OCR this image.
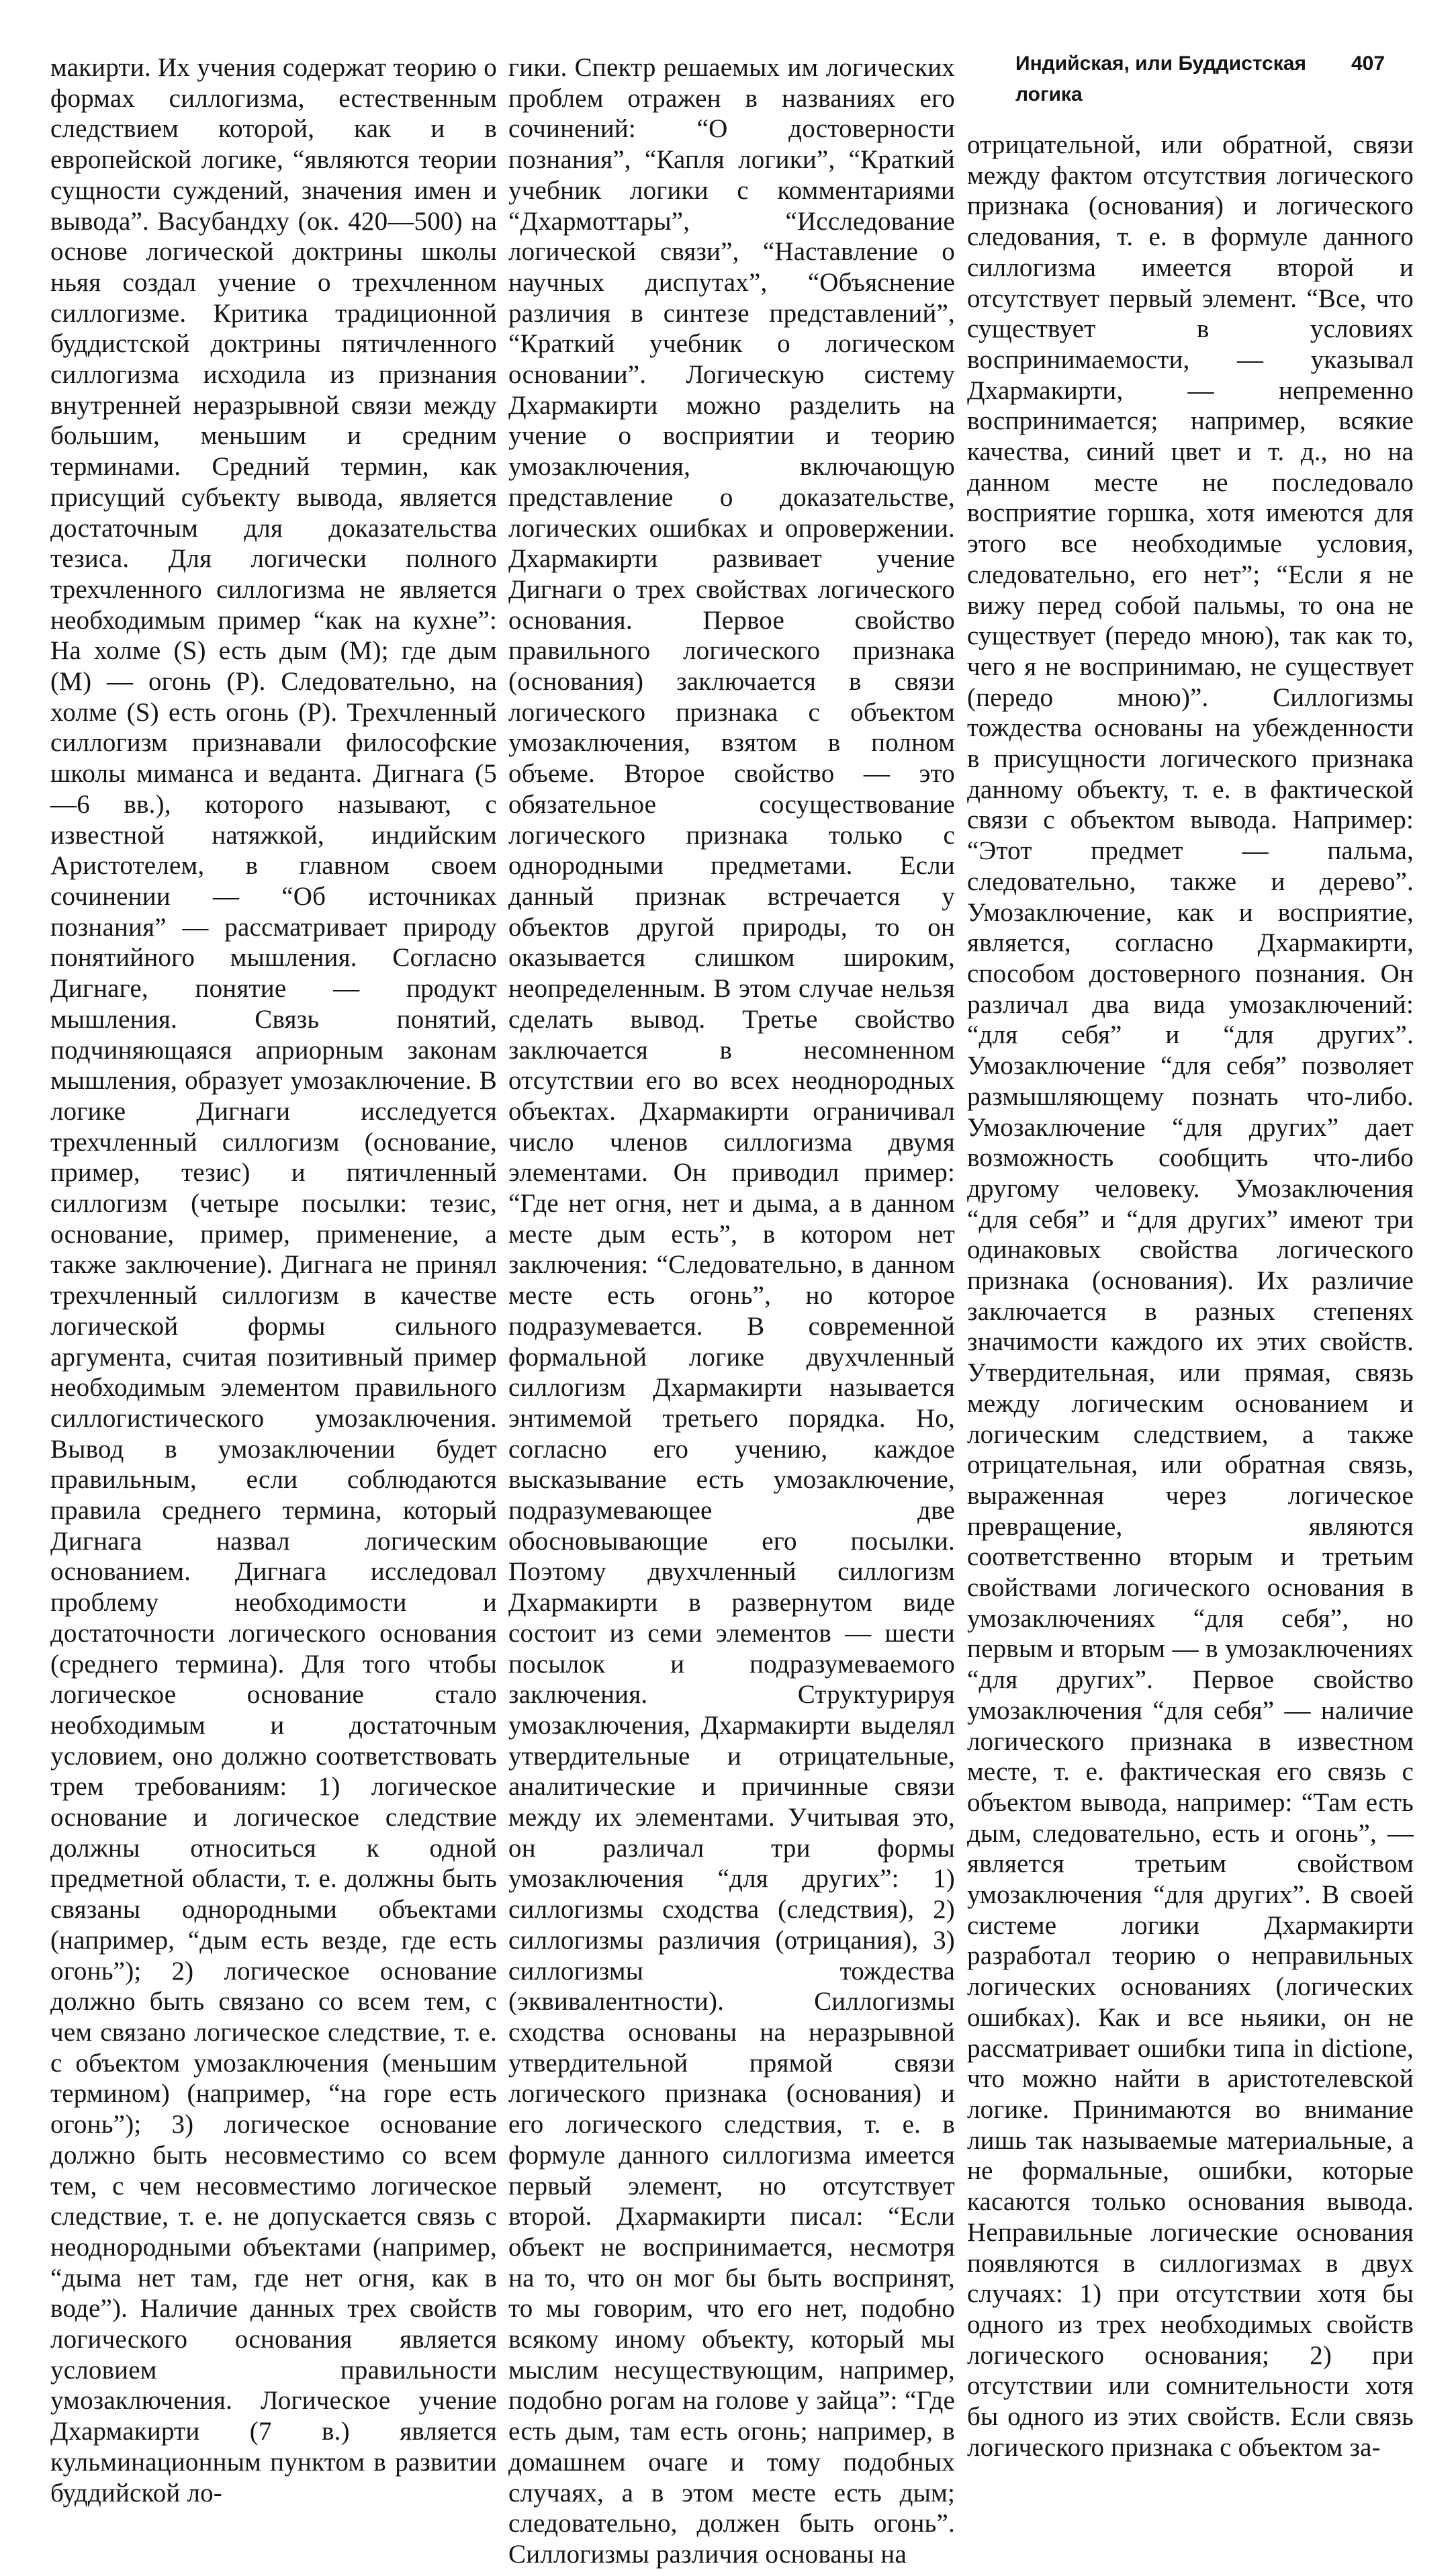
Индийская, или Буддистская логика
407

макирти. Их учения содержат теорию о формах силлогизма, естественным следствием которой, как и в европейской логике, “являются теории сущности суждений, значения имен и вывода”. Васубандху (ок. 420—500) на основе логической доктрины школы ньяя создал учение о трехчленном силлогизме. Критика традиционной буддистской доктрины пятичленного силлогизма исходила из признания внутренней неразрывной связи между большим, меньшим и средним терминами. Средний термин, как присущий субъекту вывода, является достаточным для доказательства тезиса. Для логически полного трехчленного силлогизма не является необходимым пример “как на кухне”: На холме (S) есть дым (M); где дым (M) — огонь (P). Следовательно, на холме (S) есть огонь (P). Трехчленный силлогизм признавали философские школы миманса и веданта. Дигнага (5—6 вв.), которого называют, с известной натяжкой, индийским Аристотелем, в главном своем сочинении — “Об источниках познания” — рассматривает природу понятийного мышления. Согласно Дигнаге, понятие — продукт мышления. Связь понятий, подчиняющаяся априорным законам мышления, образует умозаключение. В логике Дигнаги исследуется трехчленный силлогизм (основание, пример, тезис) и пятичленный силлогизм (четыре посылки: тезис, основание, пример, применение, а также заключение). Дигнага не принял трехчленный силлогизм в качестве логической формы сильного аргумента, считая позитивный пример необходимым элементом правильного силлогистического умозаключения. Вывод в умозаключении будет правильным, если соблюдаются правила среднего термина, который Дигнага назвал логическим основанием. Дигнага исследовал проблему необходимости и достаточности логического основания (среднего термина). Для того чтобы логическое основание стало необходимым и достаточным условием, оно должно соответствовать трем требованиям: 1) логическое основание и логическое следствие должны относиться к одной предметной области, т. е. должны быть связаны однородными объектами (например, “дым есть везде, где есть огонь”); 2) логическое основание должно быть связано со всем тем, с чем связано логическое следствие, т. е. с объектом умозаключения (меньшим термином) (например, “на горе есть огонь”); 3) логическое основание должно быть несовместимо со всем тем, с чем несовместимо логическое следствие, т. е. не допускается связь с неоднородными объектами (например, “дыма нет там, где нет огня, как в воде”). Наличие данных трех свойств логического основания является условием правильности умозаключения. Логическое учение Дхармакирти (7 в.) является кульминационным пунктом в развитии буддийской ло-

гики. Спектр решаемых им логических проблем отражен в названиях его сочинений: “О достоверности познания”, “Капля логики”, “Краткий учебник логики с комментариями “Дхармоттары”, “Исследование логической связи”, “Наставление о научных диспутах”, “Объяснение различия в синтезе представлений”, “Краткий учебник о логическом основании”. Логическую систему Дхармакирти можно разделить на учение о восприятии и теорию умозаключения, включающую представление о доказательстве, логических ошибках и опровержении. Дхармакирти развивает учение Дигнаги о трех свойствах логического основания. Первое свойство правильного логического признака (основания) заключается в связи логического признака с объектом умозаключения, взятом в полном объеме. Второе свойство — это обязательное сосуществование логического признака только с однородными предметами. Если данный признак встречается у объектов другой природы, то он оказывается слишком широким, неопределенным. В этом случае нельзя сделать вывод. Третье свойство заключается в несомненном отсутствии его во всех неоднородных объектах. Дхармакирти ограничивал число членов силлогизма двумя элементами. Он приводил пример: “Где нет огня, нет и дыма, а в данном месте дым есть”, в котором нет заключения: “Следовательно, в данном месте есть огонь”, но которое подразумевается. В современной формальной логике двухчленный силлогизм Дхармакирти называется энтимемой третьего порядка. Но, согласно его учению, каждое высказывание есть умозаключение, подразумевающее две обосновывающие его посылки. Поэтому двухчленный силлогизм Дхармакирти в развернутом виде состоит из семи элементов — шести посылок и подразумеваемого заключения. Структурируя умозаключения, Дхармакирти выделял утвердительные и отрицательные, аналитические и причинные связи между их элементами. Учитывая это, он различал три формы умозаключения “для других”: 1) силлогизмы сходства (следствия), 2) силлогизмы различия (отрицания), 3) силлогизмы тождества (эквивалентности). Силлогизмы сходства основаны на неразрывной утвердительной прямой связи логического признака (основания) и его логического следствия, т. е. в формуле данного силлогизма имеется первый элемент, но отсутствует второй. Дхармакирти писал: “Если объект не воспринимается, несмотря на то, что он мог бы быть воспринят, то мы говорим, что его нет, подобно всякому иному объекту, который мы мыслим несуществующим, например, подобно рогам на голове у зайца”: “Где есть дым, там есть огонь; например, в домашнем очаге и тому подобных случаях, а в этом месте есть дым; следовательно, должен быть огонь”. Силлогизмы различия основаны на

отрицательной, или обратной, связи между фактом отсутствия логического признака (основания) и логического следования, т. е. в формуле данного силлогизма имеется второй и отсутствует первый элемент. “Все, что существует в условиях воспринимаемости, — указывал Дхармакирти, — непременно воспринимается; например, всякие качества, синий цвет и т. д., но на данном месте не последовало восприятие горшка, хотя имеются для этого все необходимые условия, следовательно, его нет”; “Если я не вижу перед собой пальмы, то она не существует (передо мною), так как то, чего я не воспринимаю, не существует (передо мною)”. Силлогизмы тождества основаны на убежденности в присущности логического признака данному объекту, т. е. в фактической связи с объектом вывода. Например: “Этот предмет — пальма, следовательно, также и дерево”. Умозаключение, как и восприятие, является, согласно Дхармакирти, способом достоверного познания. Он различал два вида умозаключений: “для себя” и “для других”. Умозаключение “для себя” позволяет размышляющему познать что-либо. Умозаключение “для других” дает возможность сообщить что-либо другому человеку. Умозаключения “для себя” и “для других” имеют три одинаковых свойства логического признака (основания). Их различие заключается в разных степенях значимости каждого их этих свойств. Утвердительная, или прямая, связь между логическим основанием и логическим следствием, а также отрицательная, или обратная связь, выраженная через логическое превращение, являются соответственно вторым и третьим свойствами логического основания в умозаключениях “для себя”, но первым и вторым — в умозаключениях “для других”. Первое свойство умозаключения “для себя” — наличие логического признака в известном месте, т. е. фактическая его связь с объектом вывода, например: “Там есть дым, следовательно, есть и огонь”, — является третьим свойством умозаключения “для других”. В своей системе логики Дхармакирти разработал теорию о неправильных логических основаниях (логических ошибках). Как и все ньяики, он не рассматривает ошибки типа in dictione, что можно найти в аристотелевской логике. Принимаются во внимание лишь так называемые материальные, а не формальные, ошибки, которые касаются только основания вывода. Неправильные логические основания появляются в силлогизмах в двух случаях: 1) при отсутствии хотя бы одного из трех необходимых свойств логического основания; 2) при отсутствии или сомнительности хотя бы одного из этих свойств. Если связь логического признака с объектом за-
